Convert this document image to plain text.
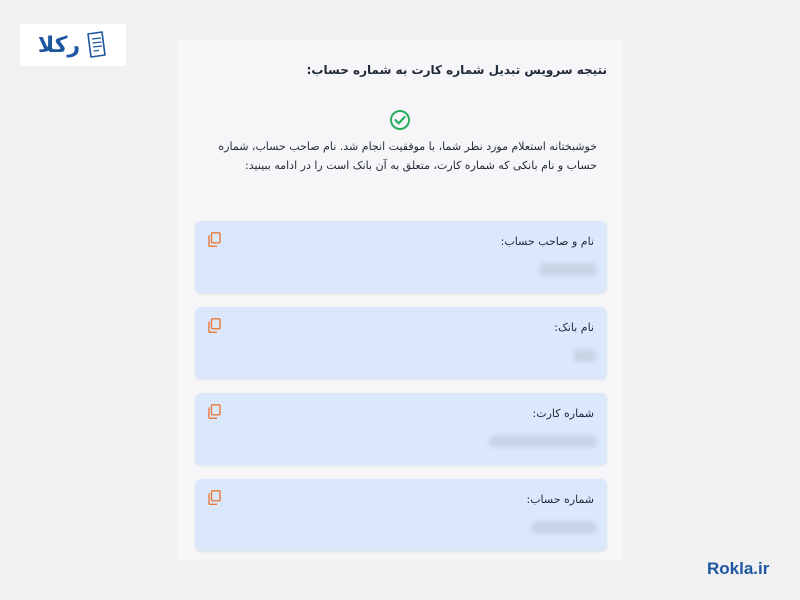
رکلا
نتیجه سرویس تبدیل شماره کارت به شماره حساب:
خوشبختانه استعلام مورد نظر شما، با موفقیت انجام شد. نام صاحب حساب، شماره حساب و نام بانکی که شماره کارت، متعلق به آن بانک است را در ادامه ببینید:
نام و صاحب حساب:
نام بانک:
شماره کارت:
شماره حساب:
Rokla.ir
